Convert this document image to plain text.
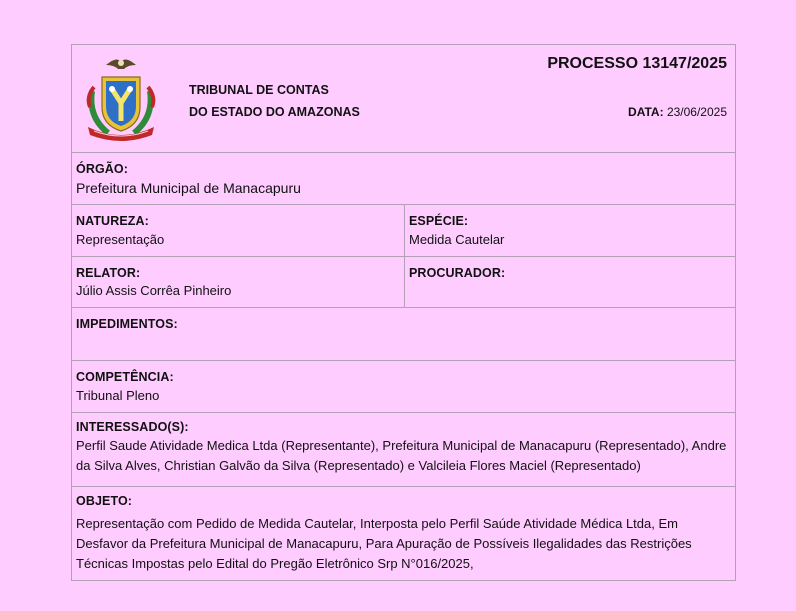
TRIBUNAL DE CONTAS
DO ESTADO DO AMAZONAS
PROCESSO 13147/2025
DATA: 23/06/2025
ÓRGÃO:
Prefeitura Municipal de Manacapuru
NATUREZA:
Representação
ESPÉCIE:
Medida Cautelar
RELATOR:
Júlio Assis Corrêa Pinheiro
PROCURADOR:
IMPEDIMENTOS:
COMPETÊNCIA:
Tribunal Pleno
INTERESSADO(S):
Perfil Saude Atividade Medica Ltda (Representante), Prefeitura Municipal de Manacapuru (Representado), Andre da Silva Alves, Christian Galvão da Silva (Representado) e Valcileia Flores Maciel (Representado)
OBJETO:
Representação com Pedido de Medida Cautelar, Interposta pelo Perfil Saúde Atividade Médica Ltda, Em Desfavor da Prefeitura Municipal de Manacapuru, Para Apuração de Possíveis Ilegalidades das Restrições Técnicas Impostas pelo Edital do Pregão Eletrônico Srp N°016/2025,
